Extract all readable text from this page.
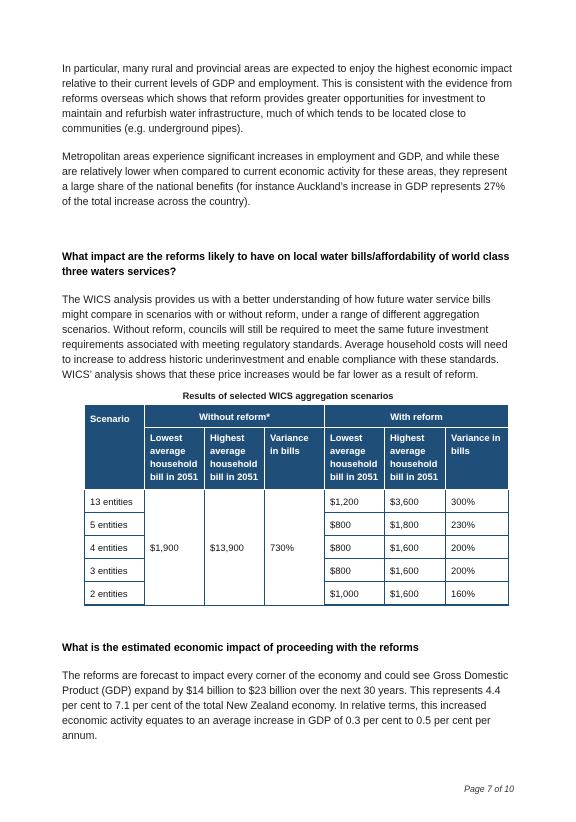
In particular, many rural and provincial areas are expected to enjoy the highest economic impact relative to their current levels of GDP and employment. This is consistent with the evidence from reforms overseas which shows that reform provides greater opportunities for investment to maintain and refurbish water infrastructure, much of which tends to be located close to communities (e.g. underground pipes).

Metropolitan areas experience significant increases in employment and GDP, and while these are relatively lower when compared to current economic activity for these areas, they represent a large share of the national benefits (for instance Auckland’s increase in GDP represents 27% of the total increase across the country).

What impact are the reforms likely to have on local water bills/affordability of world class three waters services?

The WICS analysis provides us with a better understanding of how future water service bills might compare in scenarios with or without reform, under a range of different aggregation scenarios. Without reform, councils will still be required to meet the same future investment requirements associated with meeting regulatory standards. Average household costs will need to increase to address historic underinvestment and enable compliance with these standards. WICS’ analysis shows that these price increases would be far lower as a result of reform.

Results of selected WICS aggregation scenarios

Scenario	Without reform*			With reform		
	Lowest average household bill in 2051	Highest average household bill in 2051	Variance in bills	Lowest average household bill in 2051	Highest average household bill in 2051	Variance in bills
13 entities	$1,900	$13,900	730%	$1,200	$3,600	300%
5 entities				$800	$1,800	230%
4 entities				$800	$1,600	200%
3 entities				$800	$1,600	200%
2 entities				$1,000	$1,600	160%
What is the estimated economic impact of proceeding with the reforms

The reforms are forecast to impact every corner of the economy and could see Gross Domestic Product (GDP) expand by $14 billion to $23 billion over the next 30 years. This represents 4.4 per cent to 7.1 per cent of the total New Zealand economy. In relative terms, this increased economic activity equates to an average increase in GDP of 0.3 per cent to 0.5 per cent per annum.

Page 7 of 10
